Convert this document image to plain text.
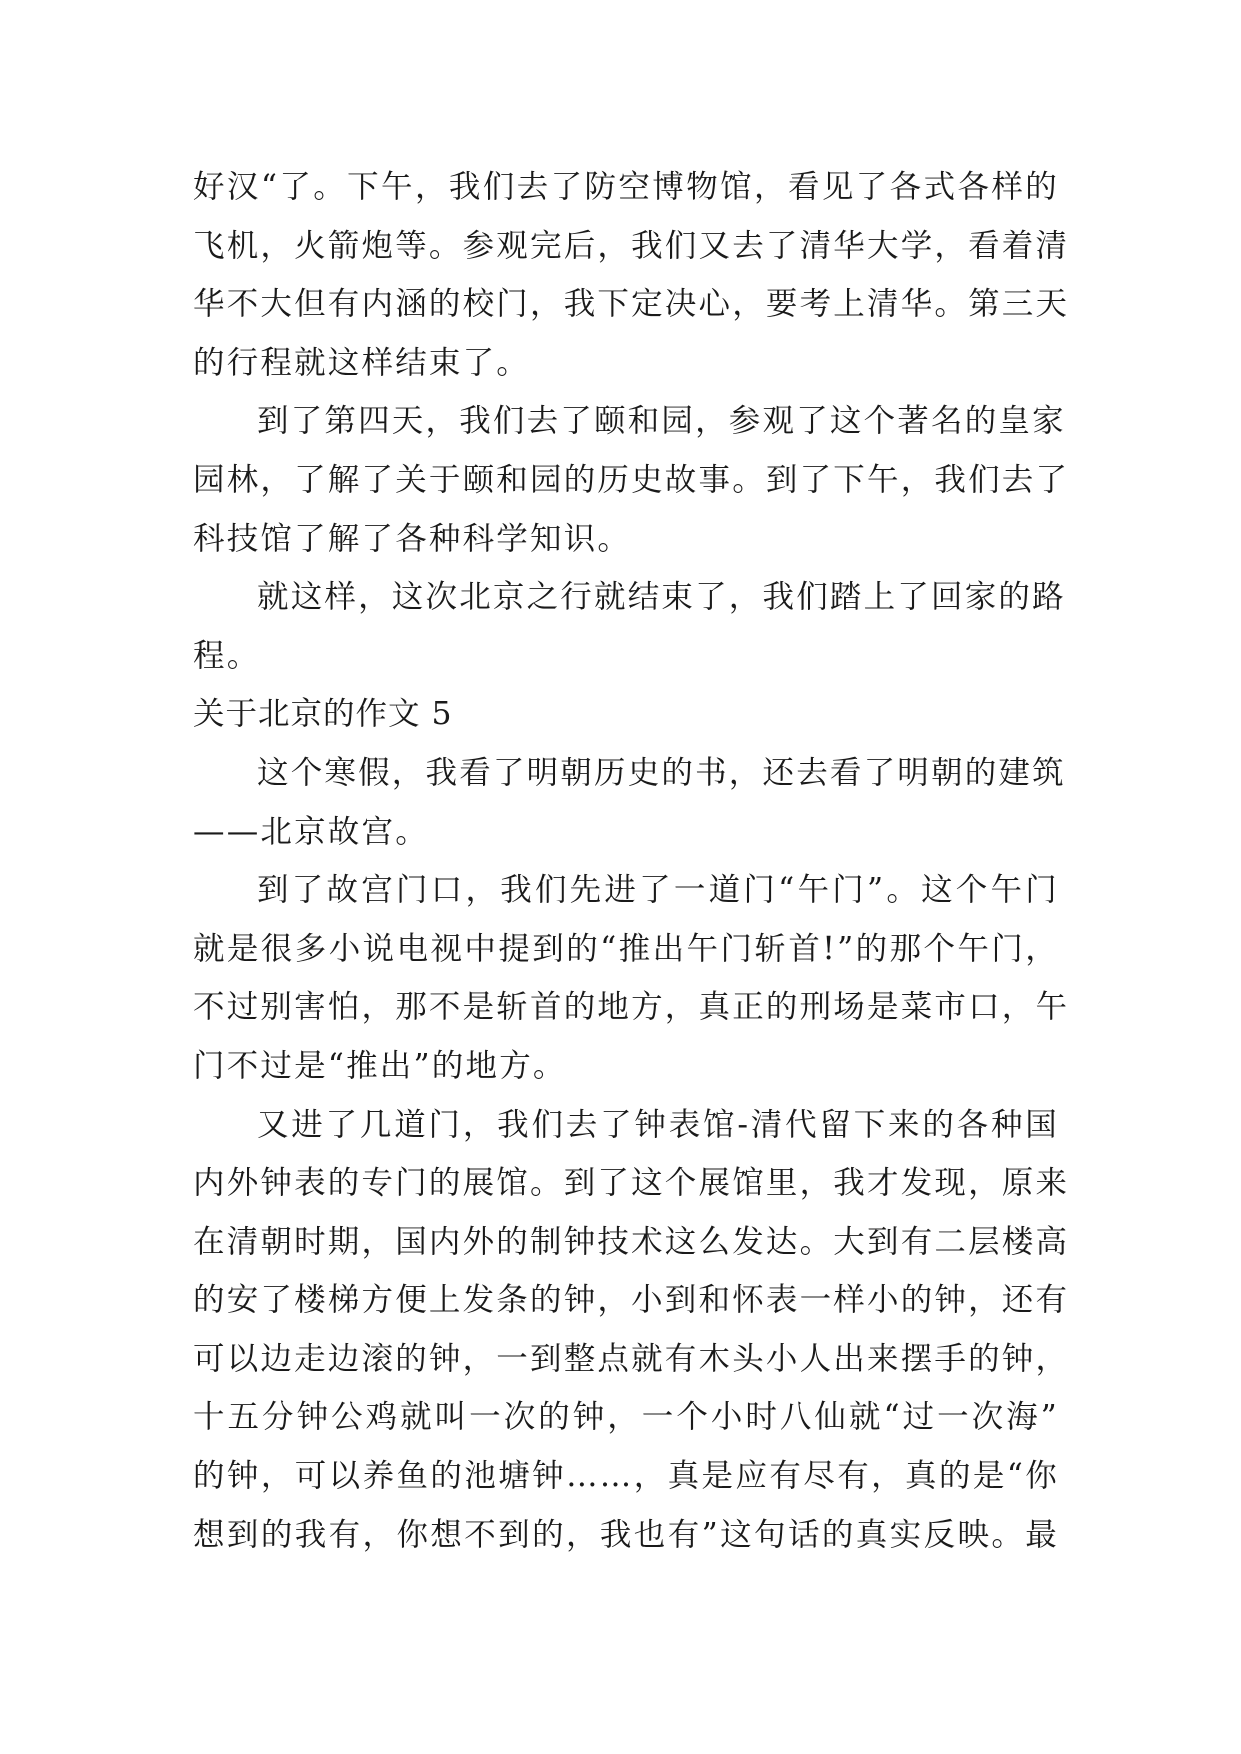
好汉“了。下午，我们去了防空博物馆，看见了各式各样的
飞机，火箭炮等。参观完后，我们又去了清华大学，看着清
华不大但有内涵的校门，我下定决心，要考上清华。第三天
的行程就这样结束了。
到了第四天，我们去了颐和园，参观了这个著名的皇家
园林，了解了关于颐和园的历史故事。到了下午，我们去了
科技馆了解了各种科学知识。
就这样，这次北京之行就结束了，我们踏上了回家的路
程。
关于北京的作文 5
这个寒假，我看了明朝历史的书，还去看了明朝的建筑
——北京故宫。
到了故宫门口，我们先进了一道门“午门”。这个午门
就是很多小说电视中提到的“推出午门斩首!”的那个午门，
不过别害怕，那不是斩首的地方，真正的刑场是菜市口，午
门不过是“推出”的地方。
又进了几道门，我们去了钟表馆-清代留下来的各种国
内外钟表的专门的展馆。到了这个展馆里，我才发现，原来
在清朝时期，国内外的制钟技术这么发达。大到有二层楼高
的安了楼梯方便上发条的钟，小到和怀表一样小的钟，还有
可以边走边滚的钟，一到整点就有木头小人出来摆手的钟，
十五分钟公鸡就叫一次的钟，一个小时八仙就“过一次海”
的钟，可以养鱼的池塘钟……，真是应有尽有，真的是“你
想到的我有，你想不到的，我也有”这句话的真实反映。最
